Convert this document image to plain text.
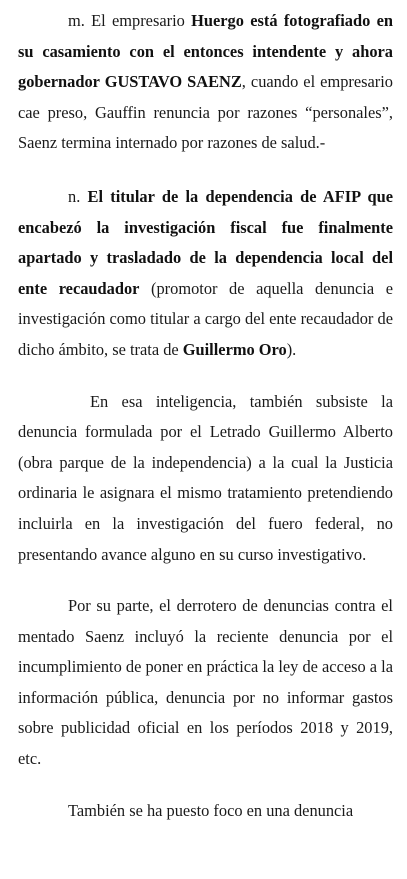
m. El empresario Huergo está fotografiado en su casamiento con el entonces intendente y ahora gobernador GUSTAVO SAENZ, cuando el empresario cae preso, Gauffin renuncia por razones “personales”, Saenz termina internado por razones de salud.-

n. El titular de la dependencia de AFIP que encabezó la investigación fiscal fue finalmente apartado y trasladado de la dependencia local del ente recaudador (promotor de aquella denuncia e investigación como titular a cargo del ente recaudador de dicho ámbito, se trata de Guillermo Oro).

En esa inteligencia, también subsiste la denuncia formulada por el Letrado Guillermo Alberto (obra parque de la independencia) a la cual la Justicia ordinaria le asignara el mismo tratamiento pretendiendo incluirla en la investigación del fuero federal, no presentando avance alguno en su curso investigativo.

Por su parte, el derrotero de denuncias contra el mentado Saenz incluyó la reciente denuncia por el incumplimiento de poner en práctica la ley de acceso a la información pública, denuncia por no informar gastos sobre publicidad oficial en los períodos 2018 y 2019, etc.

También se ha puesto foco en una denuncia
